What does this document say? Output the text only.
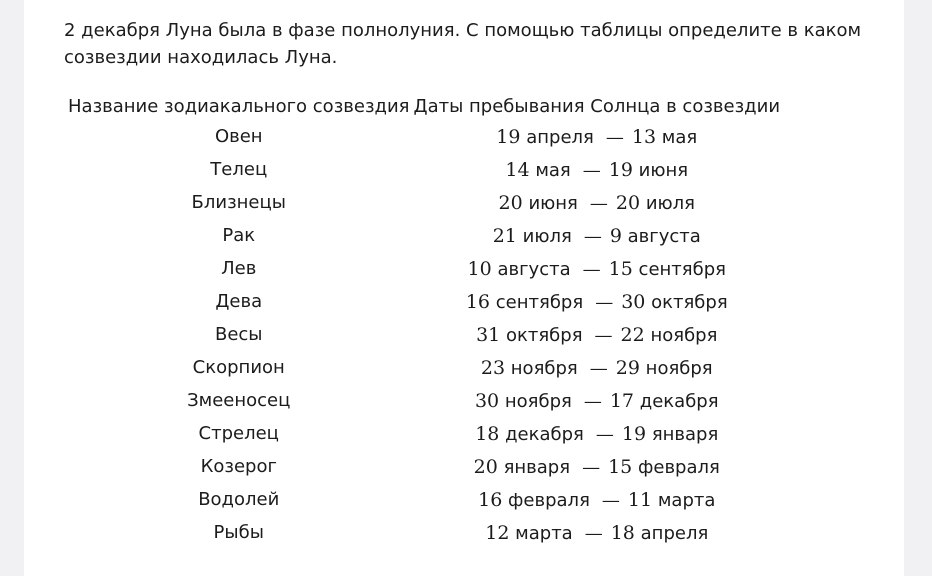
2 декабря Луна была в фазе полнолуния. С помощью таблицы определите в каком созвездии находилась Луна.

Название зодиакального созвездия	Даты пребывания Солнца в созвездии
Овен	19 апреля — 13 мая
Телец	14 мая — 19 июня
Близнецы	20 июня — 20 июля
Рак	21 июля — 9 августа
Лев	10 августа — 15 сентября
Дева	16 сентября — 30 октября
Весы	31 октября — 22 ноября
Скорпион	23 ноября — 29 ноября
Змееносец	30 ноября — 17 декабря
Стрелец	18 декабря — 19 января
Козерог	20 января — 15 февраля
Водолей	16 февраля — 11 марта
Рыбы	12 марта — 18 апреля
